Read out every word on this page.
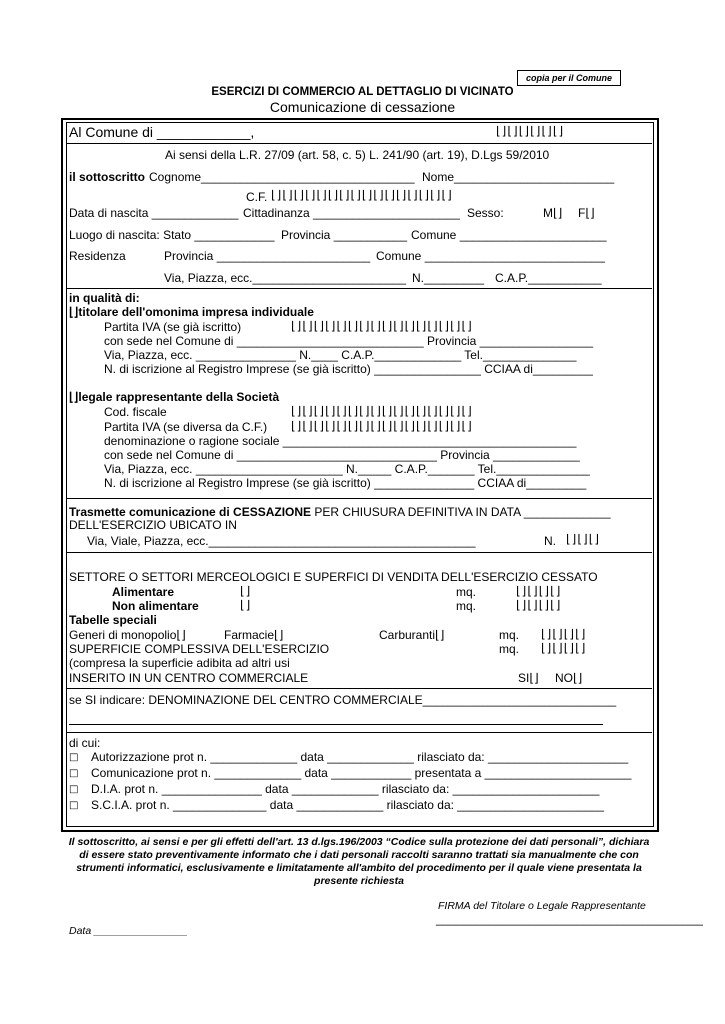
copia per il Comune
ESERCIZI DI COMMERCIO AL DETTAGLIO DI VICINATO
Comunicazione di cessazione
Al Comune di ____________,	⌊⌋⌊⌋⌊⌋⌊⌋⌊⌋⌊⌋
Ai sensi della L.R. 27/09 (art. 58, c. 5) L. 241/90 (art. 19), D.Lgs 59/2010
il sottoscritto Cognome________________________________ Nome________________________
C.F. ⌊⌋⌊⌋⌊⌋⌊⌋⌊⌋⌊⌋⌊⌋⌊⌋⌊⌋⌊⌋⌊⌋⌊⌋⌊⌋⌊⌋⌊⌋⌊⌋
Data di nascita _____________ Cittadinanza ______________________ Sesso:	M⌊⌋ F⌊⌋
Luogo di nascita: Stato ____________ Provincia ___________ Comune ______________________
Residenza	Provincia _______________________ Comune ___________________________
Via, Piazza, ecc._______________________ N._________ C.A.P.___________
in qualità di:
⌊⌋titolare dell'omonima impresa individuale
Partita IVA (se già iscritto)	⌊⌋⌊⌋⌊⌋⌊⌋⌊⌋⌊⌋⌊⌋⌊⌋⌊⌋⌊⌋⌊⌋⌊⌋⌊⌋⌊⌋⌊⌋⌊⌋
con sede nel Comune di ____________________________ Provincia _________________
Via, Piazza, ecc. _______________ N.____ C.A.P._____________ Tel.______________
N. di iscrizione al Registro Imprese (se già iscritto) ________________ CCIAA di_________
⌊⌋legale rappresentante della Società
Cod. fiscale	⌊⌋⌊⌋⌊⌋⌊⌋⌊⌋⌊⌋⌊⌋⌊⌋⌊⌋⌊⌋⌊⌋⌊⌋⌊⌋⌊⌋⌊⌋⌊⌋
Partita IVA (se diversa da C.F.) ⌊⌋⌊⌋⌊⌋⌊⌋⌊⌋⌊⌋⌊⌋⌊⌋⌊⌋⌊⌋⌊⌋⌊⌋⌊⌋⌊⌋⌊⌋⌊⌋
denominazione o ragione sociale ____________________________________________
con sede nel Comune di ______________________________ Provincia _____________
Via, Piazza, ecc. ______________________ N._____ C.A.P._______ Tel.______________
N. di iscrizione al Registro Imprese (se già iscritto) _______________ CCIAA di_________
Trasmette comunicazione di CESSAZIONE PER CHIUSURA DEFINITIVA IN DATA _____________
DELL'ESERCIZIO UBICATO IN
Via, Viale, Piazza, ecc.________________________________________	N. ⌊⌋⌊⌋⌊⌋
SETTORE O SETTORI MERCEOLOGICI E SUPERFICI DI VENDITA DELL'ESERCIZIO CESSATO
Alimentare	⌊⌋	mq.	⌊⌋⌊⌋⌊⌋⌊⌋
Non alimentare	⌊⌋	mq.	⌊⌋⌊⌋⌊⌋⌊⌋
Tabelle speciali
Generi di monopolio⌊⌋	Farmacie⌊⌋	Carburanti⌊⌋	mq. ⌊⌋⌊⌋⌊⌋⌊⌋
SUPERFICIE COMPLESSIVA DELL'ESERCIZIO	mq. ⌊⌋⌊⌋⌊⌋⌊⌋
(compresa la superficie adibita ad altri usi
INSERITO IN UN CENTRO COMMERCIALE	SI⌊⌋ NO⌊⌋
se SI indicare: DENOMINAZIONE DEL CENTRO COMMERCIALE_____________________________
di cui:
□ Autorizzazione prot n. _____________ data _____________ rilasciato da: _____________________
□ Comunicazione prot n. _____________ data ____________ presentata a ______________________
□ D.I.A. prot n. _______________ data _____________ rilasciato da: ______________________
□ S.C.I.A. prot n. ______________ data _____________ rilasciato da: ______________________
Il sottoscritto, ai sensi e per gli effetti dell'art. 13 d.lgs.196/2003 “Codice sulla protezione dei dati personali”, dichiara di essere stato preventivamente informato che i dati personali raccolti saranno trattati sia manualmente che con strumenti informatici, esclusivamente e limitatamente all'ambito del procedimento per il quale viene presentata la presente richiesta
FIRMA del Titolare o Legale Rappresentante
________________________________________
Data ________________
